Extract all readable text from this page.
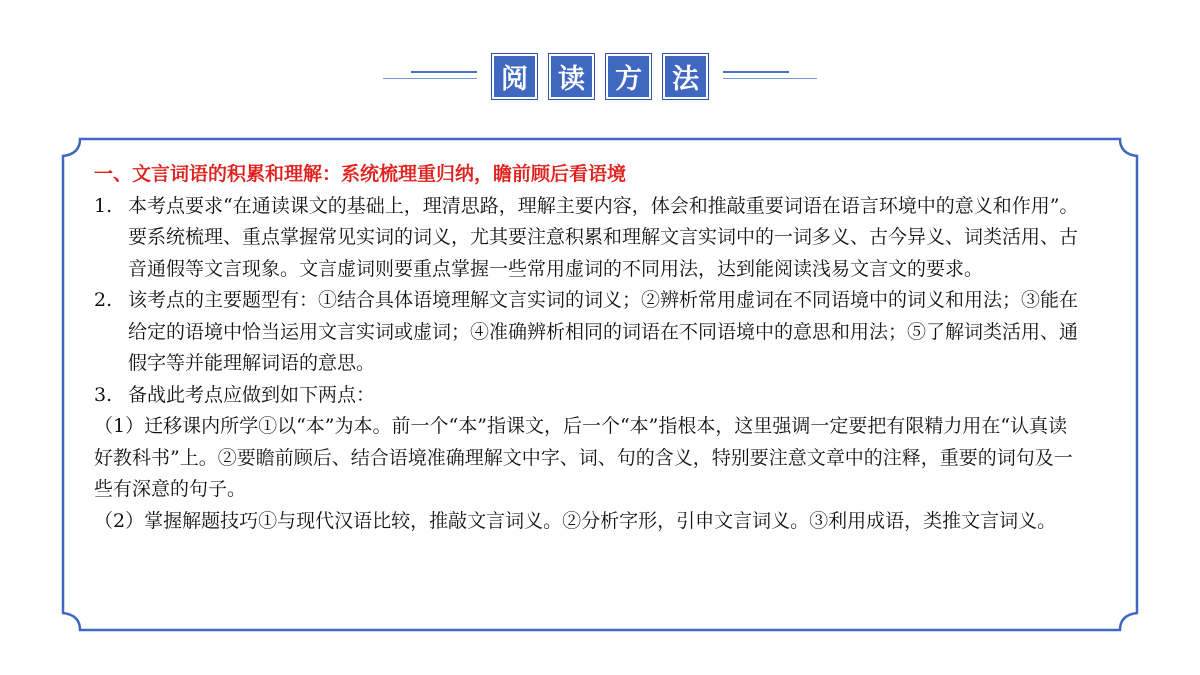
阅	读	方	法
一、文言词语的积累和理解：系统梳理重归纳，瞻前顾后看语境
1. 本考点要求“在通读课文的基础上，理清思路，理解主要内容，体会和推敲重要词语在语言环境中的意义和作用”。要系统梳理、重点掌握常见实词的词义，尤其要注意积累和理解文言实词中的一词多义、古今异义、词类活用、古音通假等文言现象。文言虚词则要重点掌握一些常用虚词的不同用法，达到能阅读浅易文言文的要求。
2. 该考点的主要题型有：①结合具体语境理解文言实词的词义；②辨析常用虚词在不同语境中的词义和用法；③能在给定的语境中恰当运用文言实词或虚词；④准确辨析相同的词语在不同语境中的意思和用法；⑤了解词类活用、通假字等并能理解词语的意思。
3. 备战此考点应做到如下两点：
（1）迁移课内所学①以“本”为本。前一个“本”指课文，后一个“本”指根本，这里强调一定要把有限精力用在“认真读好教科书”上。②要瞻前顾后、结合语境准确理解文中字、词、句的含义，特别要注意文章中的注释，重要的词句及一些有深意的句子。
（2）掌握解题技巧①与现代汉语比较，推敲文言词义。②分析字形，引申文言词义。③利用成语，类推文言词义。
